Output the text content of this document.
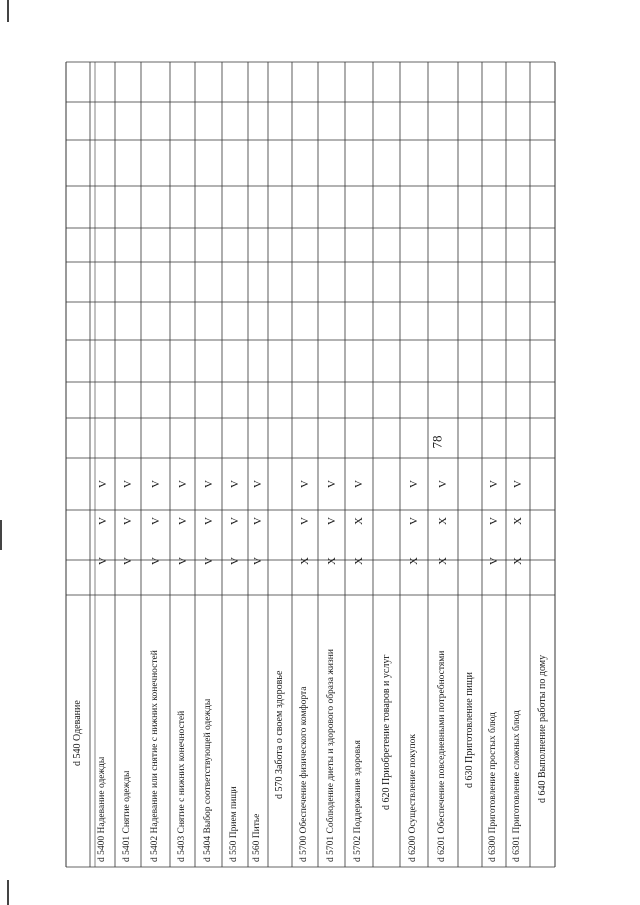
78
d 540 Одевание
d 5400 Надевание одежды
V
V
V
d 5401 Снятие одежды
V
V
V
d 5402 Надевание или снятие с нижних конечностей
V
V
V
d 5403 Снятие с нижних конечностей
V
V
V
d 5404 Выбор соответствующей одежды
V
V
V
d 550 Прием пищи
V
V
V
d 560 Питье
V
V
V
d 570 Забота о своем здоровье d 5700 Обеспечение физического комфорта
X
V
V
d 5701 Соблюдение диеты и здорового образа жизни
X
V
V
d 5702 Поддержание здоровья
X
X
V
d 620 Приобретение товаров и услуг d 6200 Осуществление покупок
X
V
V
d 6201 Обеспечение повседневными потребностями
X
X
V
d 630 Приготовление пищи d 6300 Приготовление простых блюд
V
V
V
d 6301 Приготовление сложных блюд
X
X
V
d 640 Выполнение работы по дому
